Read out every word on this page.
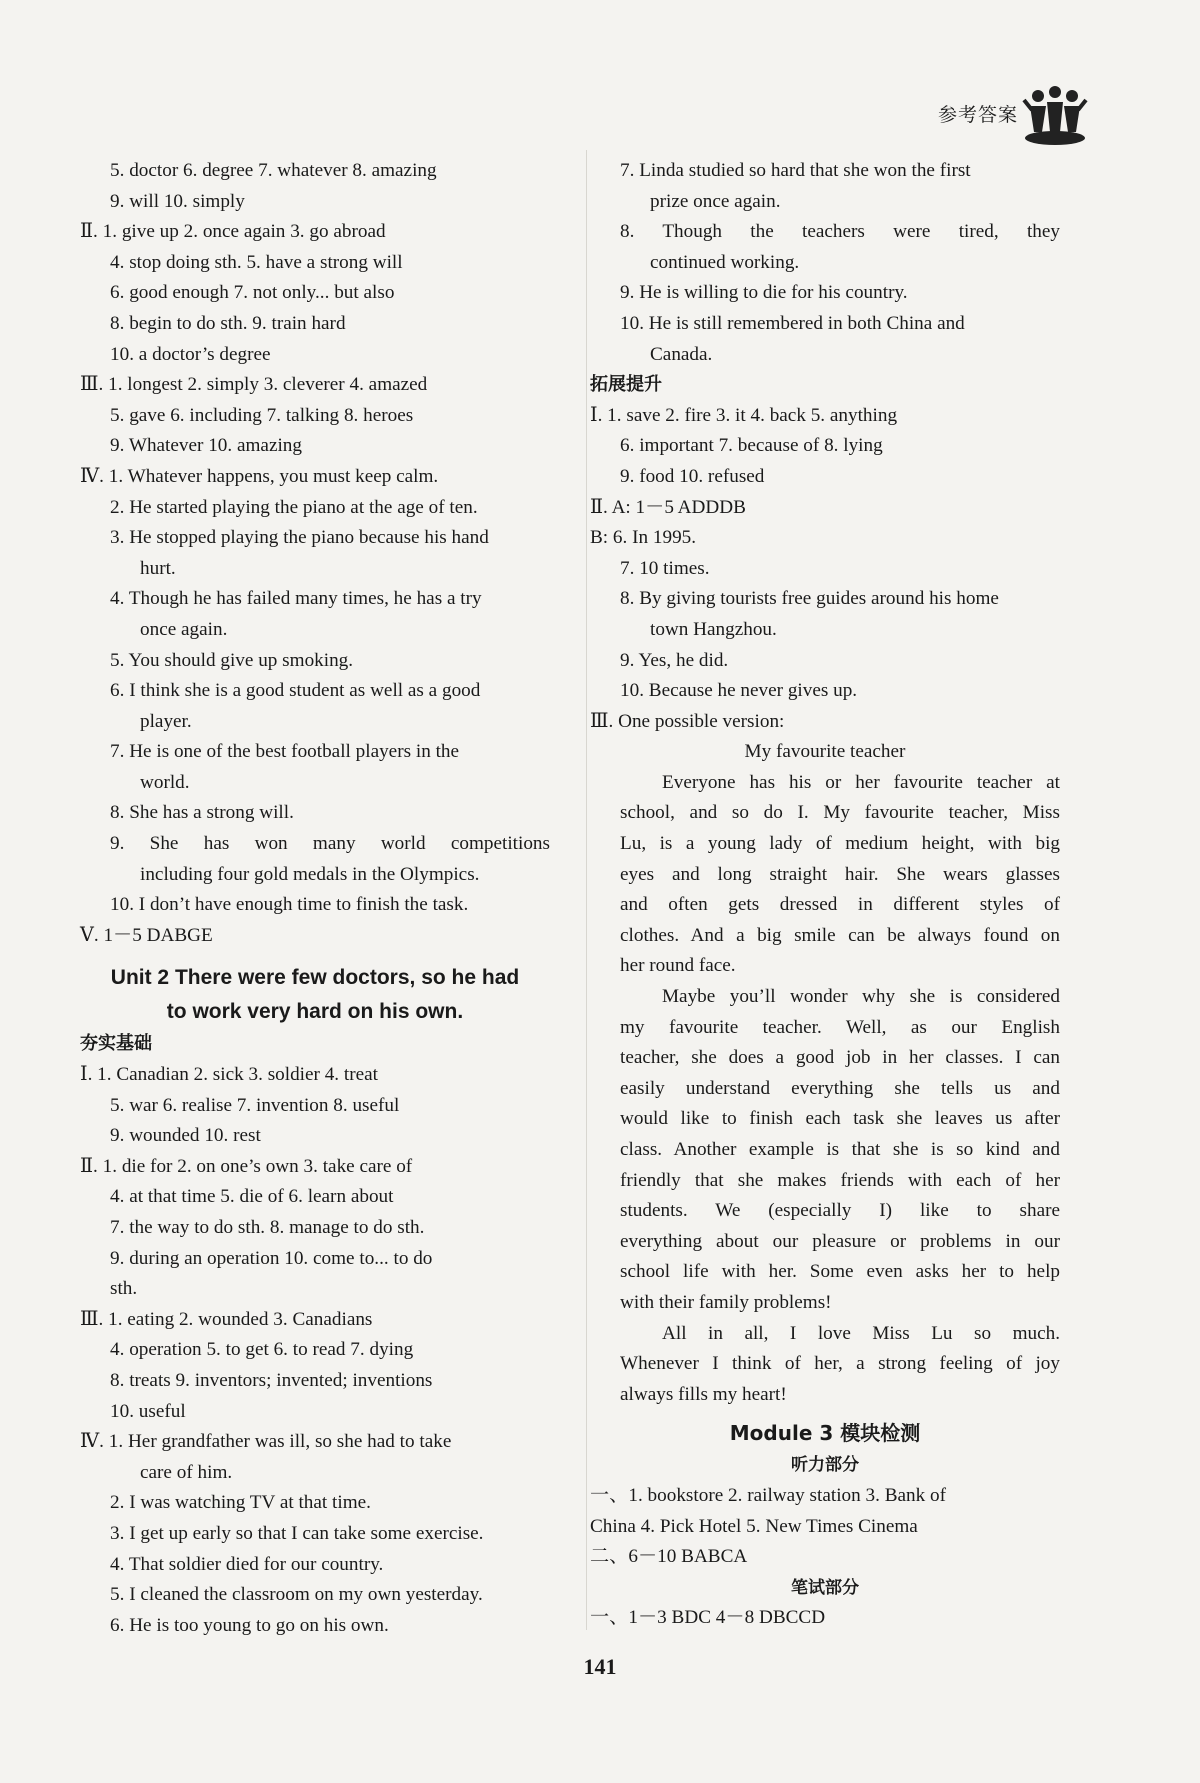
参考答案
5. doctor 6. degree 7. whatever 8. amazing
9. will 10. simply
Ⅱ. 1. give up 2. once again 3. go abroad
4. stop doing sth. 5. have a strong will
6. good enough 7. not only... but also
8. begin to do sth. 9. train hard
10. a doctor’s degree
Ⅲ. 1. longest 2. simply 3. cleverer 4. amazed
5. gave 6. including 7. talking 8. heroes
9. Whatever 10. amazing
Ⅳ. 1. Whatever happens, you must keep calm.
2. He started playing the piano at the age of ten.
3. He stopped playing the piano because his hand
hurt.
4. Though he has failed many times, he has a try
once again.
5. You should give up smoking.
6. I think she is a good student as well as a good
player.
7. He is one of the best football players in the
world.
8. She has a strong will.
9. She has won many world competitions
including four gold medals in the Olympics.
10. I don’t have enough time to finish the task.
Ⅴ. 1－5 DABGE
Unit 2 There were few doctors, so he had
to work very hard on his own.
夯实基础
Ⅰ. 1. Canadian 2. sick 3. soldier 4. treat
5. war 6. realise 7. invention 8. useful
9. wounded 10. rest
Ⅱ. 1. die for 2. on one’s own 3. take care of
4. at that time 5. die of 6. learn about
7. the way to do sth. 8. manage to do sth.
9. during an operation 10. come to... to do
sth.
Ⅲ. 1. eating 2. wounded 3. Canadians
4. operation 5. to get 6. to read 7. dying
8. treats 9. inventors; invented; inventions
10. useful
Ⅳ. 1. Her grandfather was ill, so she had to take
care of him.
2. I was watching TV at that time.
3. I get up early so that I can take some exercise.
4. That soldier died for our country.
5. I cleaned the classroom on my own yesterday.
6. He is too young to go on his own.
7. Linda studied so hard that she won the first
prize once again.
8. Though the teachers were tired, they
continued working.
9. He is willing to die for his country.
10. He is still remembered in both China and
Canada.
拓展提升
Ⅰ. 1. save 2. fire 3. it 4. back 5. anything
6. important 7. because of 8. lying
9. food 10. refused
Ⅱ. A: 1－5 ADDDB
B: 6. In 1995.
7. 10 times.
8. By giving tourists free guides around his home
town Hangzhou.
9. Yes, he did.
10. Because he never gives up.
Ⅲ. One possible version:
My favourite teacher
Everyone has his or her favourite teacher at
school, and so do I. My favourite teacher, Miss
Lu, is a young lady of medium height, with big
eyes and long straight hair. She wears glasses
and often gets dressed in different styles of
clothes. And a big smile can be always found on
her round face.
Maybe you’ll wonder why she is considered
my favourite teacher. Well, as our English
teacher, she does a good job in her classes. I can
easily understand everything she tells us and
would like to finish each task she leaves us after
class. Another example is that she is so kind and
friendly that she makes friends with each of her
students. We (especially I) like to share
everything about our pleasure or problems in our
school life with her. Some even asks her to help
with their family problems!
All in all, I love Miss Lu so much.
Whenever I think of her, a strong feeling of joy
always fills my heart!
Module 3 模块检测
听力部分
一、1. bookstore 2. railway station 3. Bank of
China 4. Pick Hotel 5. New Times Cinema
二、6－10 BABCA
笔试部分
一、1－3 BDC 4－8 DBCCD
141
